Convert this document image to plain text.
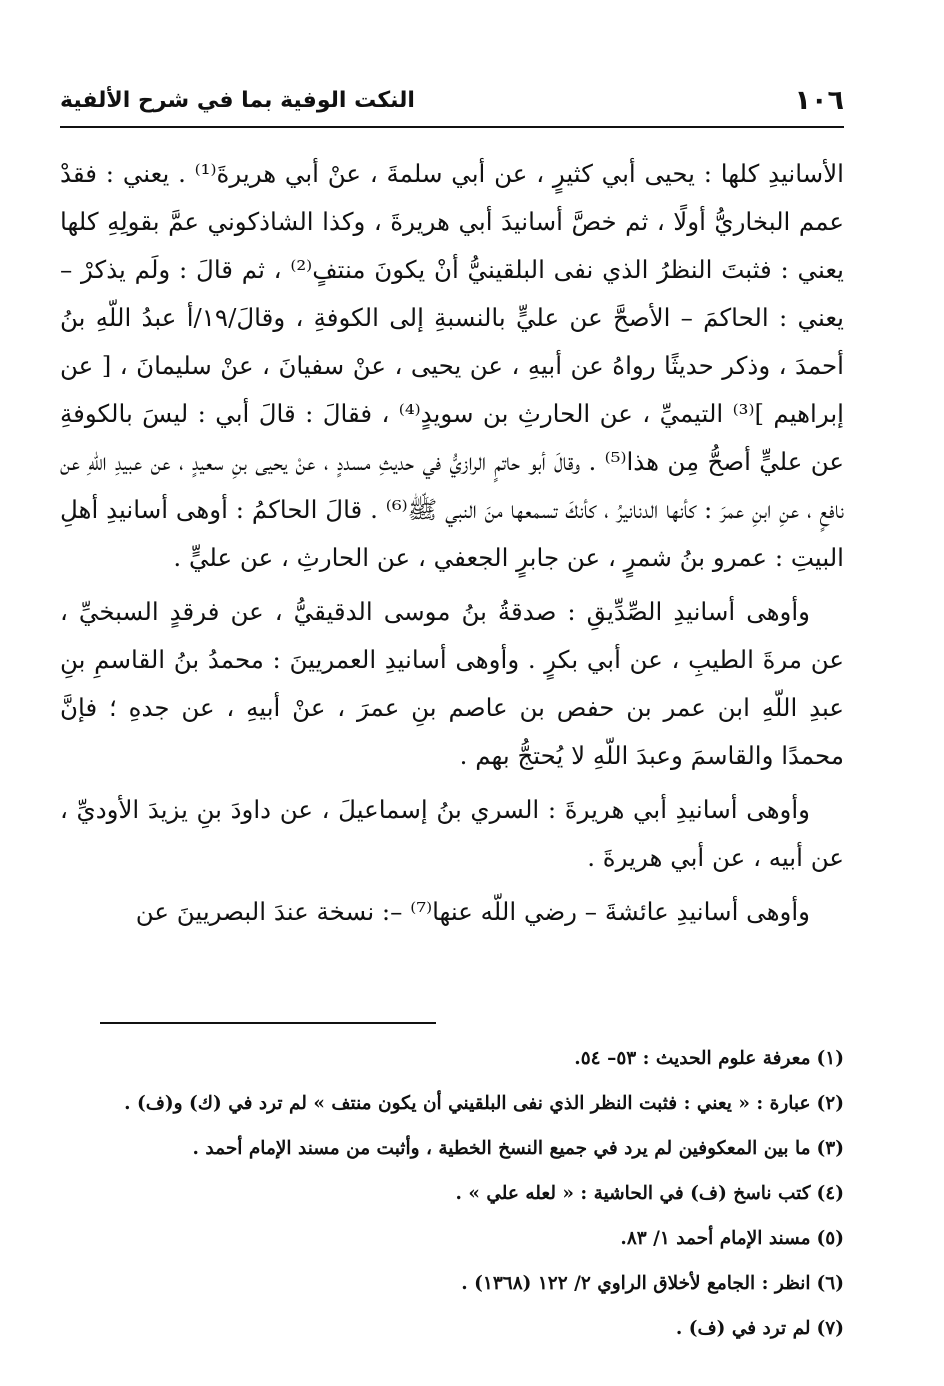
١٠٦
النكت الوفية بما في شرح الألفية

الأسانيدِ كلها : يحيى أبي كثيرٍ ، عن أبي سلمةَ ، عنْ أبي هريرةَ⁽¹⁾ . يعني : فقدْ عمم البخاريُّ أولًا ، ثم خصَّ أسانيدَ أبي هريرةَ ، وكذا الشاذكوني عمَّ بقولِهِ كلها يعني : فثبتَ النظرُ الذي نفى البلقينيُّ أنْ يكونَ منتفٍ⁽²⁾ ، ثم قالَ : ولَم يذكرْ – يعني : الحاكمَ – الأصحَّ عن عليٍّ بالنسبةِ إلى الكوفةِ ، وقالَ/١٩/أ عبدُ اللّهِ بنُ أحمدَ ، وذكر حديثًا رواهُ عن أبيهِ ، عن يحيى ، عنْ سفيانَ ، عنْ سليمانَ ، [ عن إبراهيم ]⁽³⁾ التيميِّ ، عن الحارثِ بن سويدٍ⁽⁴⁾ ، فقالَ : قالَ أبي : ليسَ بالكوفةِ عن عليٍّ أصحُّ مِن هذا⁽⁵⁾ . وقالَ أبو حاتمٍ الرازيُّ في حديثِ مسددٍ ، عنْ يحيى بنِ سعيدٍ ، عن عبيدِ اللّهِ عن نافعٍ ، عنِ ابنِ عمرَ : كأنها الدنانيرُ ، كأنكَ تسمعها منَ النبي ﷺ⁽⁶⁾ . قالَ الحاكمُ : أوهى أسانيدِ أهلِ البيتِ : عمرو بنُ شمرٍ ، عن جابرٍ الجعفي ، عن الحارثِ ، عن عليٍّ .

وأوهى أسانيدِ الصِّدِّيقِ : صدقةُ بنُ موسى الدقيقيُّ ، عن فرقدٍ السبخيِّ ، عن مرةَ الطيبِ ، عن أبي بكرٍ . وأوهى أسانيدِ العمريينَ : محمدُ بنُ القاسمِ بنِ عبدِ اللّهِ ابن عمر بن حفص بن عاصم بنِ عمرَ ، عنْ أبيهِ ، عن جدهِ ؛ فإنَّ محمدًا والقاسمَ وعبدَ اللّهِ لا يُحتجُّ بهم .

وأوهى أسانيدِ أبي هريرةَ : السري بنُ إسماعيلَ ، عن داودَ بنِ يزيدَ الأوديِّ ، عن أبيه ، عن أبي هريرةَ .

وأوهى أسانيدِ عائشةَ – رضي اللّه عنها⁽⁷⁾ –: نسخة عندَ البصريينَ عن

(١)
معرفة علوم الحديث : ٥٣– ٥٤.
(٢)
عبارة : « يعني : فثبت النظر الذي نفى البلقيني أن يكون منتف » لم ترد في (ك) و(ف) .
(٣)
ما بين المعكوفين لم يرد في جميع النسخ الخطية ، وأثبت من مسند الإمام أحمد .
(٤)
كتب ناسخ (ف) في الحاشية : « لعله علي » .
(٥)
مسند الإمام أحمد ١/ ٨٣.
(٦)
انظر : الجامع لأخلاق الراوي ٢/ ١٢٢ (١٣٦٨) .
(٧)
لم ترد في (ف) .
